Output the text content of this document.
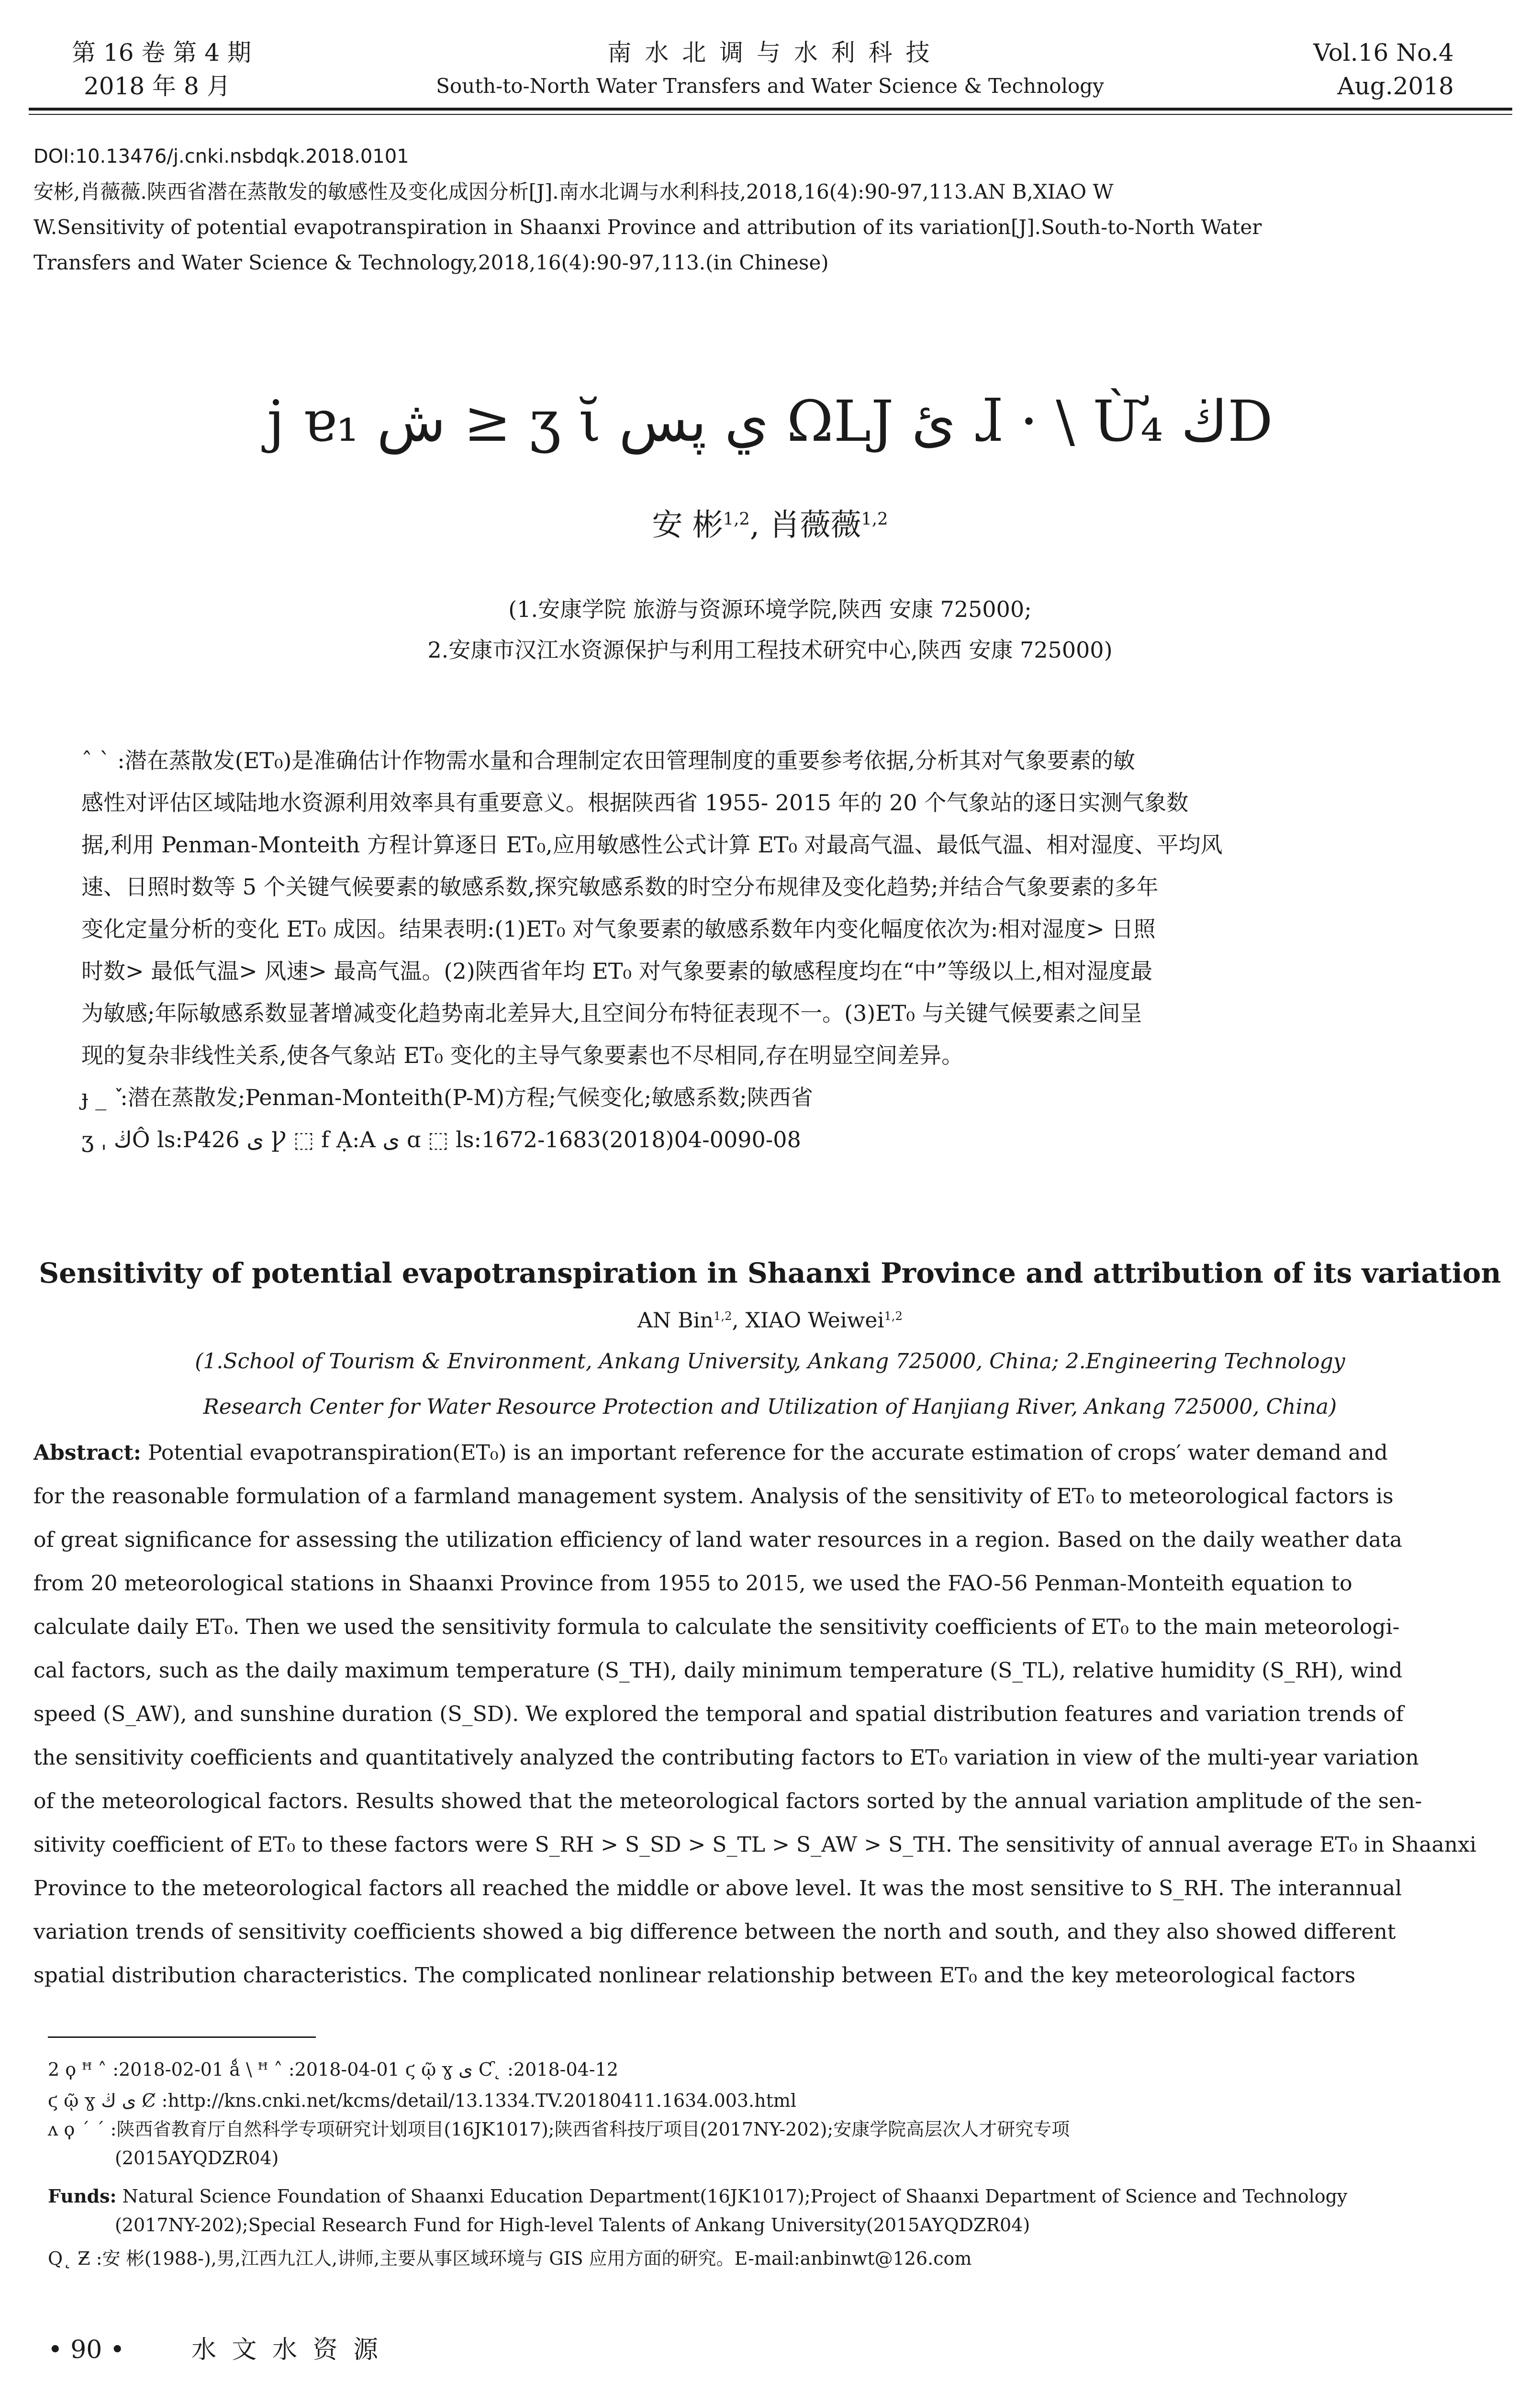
第 16 卷 第 4 期
2018 年 8 月
南 水 北 调 与 水 利 科 技
South-to-North Water Transfers and Water Science & Technology
Vol.16 No.4
Aug.2018
DOI:10.13476/j.cnki.nsbdqk.2018.0101
安彬,肖薇薇.陕西省潜在蒸散发的敏感性及变化成因分析[J].南水北调与水利科技,2018,16(4):90-97,113.AN B,XIAO W
W.Sensitivity of potential evapotranspiration in Shaanxi Province and attribution of its variation[J].South-to-North Water
Transfers and Water Science & Technology,2018,16(4):90-97,113.(in Chinese)
ϳ ɐ₁ ش ≥ ʒ ῐ ي پس ΩǇ ئ ɺ · \ Ừ₄ ڬD
安 彬$^{1,2}$, 肖薇薇$^{1,2}$
(1.安康学院 旅游与资源环境学院,陕西 安康 725000;
2.安康市汉江水资源保护与利用工程技术研究中心,陕西 安康 725000)

ˆ ˋ :潜在蒸散发(ET₀)是准确估计作物需水量和合理制定农田管理制度的重要参考依据,分析其对气象要素的敏

感性对评估区域陆地水资源利用效率具有重要意义。根据陕西省 1955- 2015 年的 20 个气象站的逐日实测气象数

据,利用 Penman-Monteith 方程计算逐日 ET₀,应用敏感性公式计算 ET₀ 对最高气温、最低气温、相对湿度、平均风

速、日照时数等 5 个关键气候要素的敏感系数,探究敏感系数的时空分布规律及变化趋势;并结合气象要素的多年

变化定量分析的变化 ET₀ 成因。结果表明:(1)ET₀ 对气象要素的敏感系数年内变化幅度依次为:相对湿度> 日照

时数> 最低气温> 风速> 最高气温。(2)陕西省年均 ET₀ 对气象要素的敏感程度均在“中”等级以上,相对湿度最

为敏感;年际敏感系数显著增减变化趋势南北差异大,且空间分布特征表现不一。(3)ET₀ 与关键气候要素之间呈

现的复杂非线性关系,使各气象站 ET₀ 变化的主导气象要素也不尽相同,存在明显空间差异。

ɟ _ ٚ :潜在蒸散发;Penman-Monteith(P-M)方程;气候变化;敏感系数;陕西省

ʒ ˌ ڬÔ ls:P426 ى Ꝩ ⬚ f Ạ:A ى ɑ ⬚ ls:1672-1683(2018)04-0090-08

Sensitivity of potential evapotranspiration in Shaanxi Province and attribution of its variation
AN Bin$^{1,2}$, XIAO Weiwei$^{1,2}$
(1.School of Tourism & Environment, Ankang University, Ankang 725000, China; 2.Engineering Technology
Research Center for Water Resource Protection and Utilization of Hanjiang River, Ankang 725000, China)
Abstract: Potential evapotranspiration(ET₀) is an important reference for the accurate estimation of crops′ water demand and
for the reasonable formulation of a farmland management system. Analysis of the sensitivity of ET₀ to meteorological factors is
of great significance for assessing the utilization efficiency of land water resources in a region. Based on the daily weather data
from 20 meteorological stations in Shaanxi Province from 1955 to 2015, we used the FAO-56 Penman-Monteith equation to
calculate daily ET₀. Then we used the sensitivity formula to calculate the sensitivity coefficients of ET₀ to the main meteorologi-
cal factors, such as the daily maximum temperature (S_TH), daily minimum temperature (S_TL), relative humidity (S_RH), wind
speed (S_AW), and sunshine duration (S_SD). We explored the temporal and spatial distribution features and variation trends of
the sensitivity coefficients and quantitatively analyzed the contributing factors to ET₀ variation in view of the multi-year variation
of the meteorological factors. Results showed that the meteorological factors sorted by the annual variation amplitude of the sen-
sitivity coefficient of ET₀ to these factors were S_RH > S_SD > S_TL > S_AW > S_TH. The sensitivity of annual average ET₀ in Shaanxi
Province to the meteorological factors all reached the middle or above level. It was the most sensitive to S_RH. The interannual
variation trends of sensitivity coefficients showed a big difference between the north and south, and they also showed different
spatial distribution characteristics. The complicated nonlinear relationship between ET₀ and the key meteorological factors
2 ϙ ꟸ ˄ :2018-02-01 ǻ \ ꟸ ˄ :2018-04-01 ϛ ῷ ɣ ى Ƈ˛ :2018-04-12
ϛ ῷ ɣ ى ڬ Ȼ :http://kns.cnki.net/kcms/detail/13.1334.TV.20180411.1634.003.html
ʌ ϙ ˊ ˊ :陕西省教育厅自然科学专项研究计划项目(16JK1017);陕西省科技厅项目(2017NY-202);安康学院高层次人才研究专项
(2015AYQDZR04)
Funds: Natural Science Foundation of Shaanxi Education Department(16JK1017);Project of Shaanxi Department of Science and Technology
(2017NY-202);Special Research Fund for High-level Talents of Ankang University(2015AYQDZR04)
Q˛ Ƶ :安 彬(1988-),男,江西九江人,讲师,主要从事区域环境与 GIS 应用方面的研究。E-mail:anbinwt@126.com
• 90 •	水 文 水 资 源
